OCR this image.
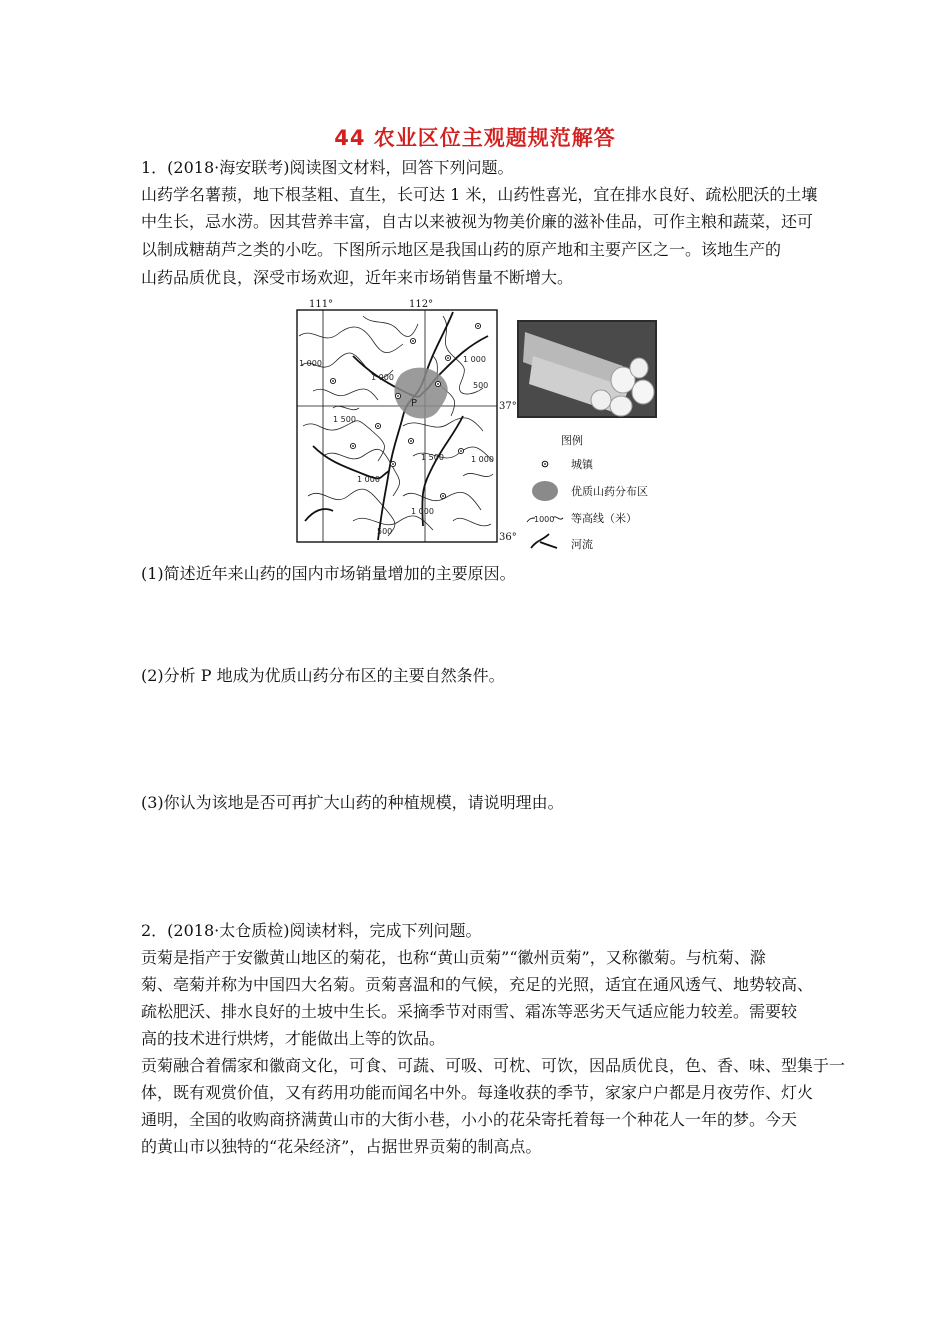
44 农业区位主观题规范解答
1．(2018·海安联考)阅读图文材料，回答下列问题。
山药学名薯蓣，地下根茎粗、直生，长可达 1 米，山药性喜光，宜在排水良好、疏松肥沃的土壤
中生长，忌水涝。因其营养丰富，自古以来被视为物美价廉的滋补佳品，可作主粮和蔬菜，还可
以制成糖葫芦之类的小吃。下图所示地区是我国山药的原产地和主要产区之一。该地生产的
山药品质优良，深受市场欢迎，近年来市场销售量不断增大。
111°	112°
1 000
1 000
1 000
500
1 500
1 500	1 000
1 000
1 000
500
P	37°
36°
图例
城镇
优质山药分布区
1000 等高线（米）
河流
(1)简述近年来山药的国内市场销量增加的主要原因。
(2)分析 P 地成为优质山药分布区的主要自然条件。
(3)你认为该地是否可再扩大山药的种植规模，请说明理由。
2．(2018·太仓质检)阅读材料，完成下列问题。
贡菊是指产于安徽黄山地区的菊花，也称“黄山贡菊”“徽州贡菊”，又称徽菊。与杭菊、滁
菊、亳菊并称为中国四大名菊。贡菊喜温和的气候，充足的光照，适宜在通风透气、地势较高、
疏松肥沃、排水良好的土坡中生长。采摘季节对雨雪、霜冻等恶劣天气适应能力较差。需要较
高的技术进行烘烤，才能做出上等的饮品。
贡菊融合着儒家和徽商文化，可食、可蔬、可吸、可枕、可饮，因品质优良，色、香、味、型集于一
体，既有观赏价值，又有药用功能而闻名中外。每逢收获的季节，家家户户都是月夜劳作、灯火
通明，全国的收购商挤满黄山市的大街小巷，小小的花朵寄托着每一个种花人一年的梦。今天
的黄山市以独特的“花朵经济”，占据世界贡菊的制高点。
